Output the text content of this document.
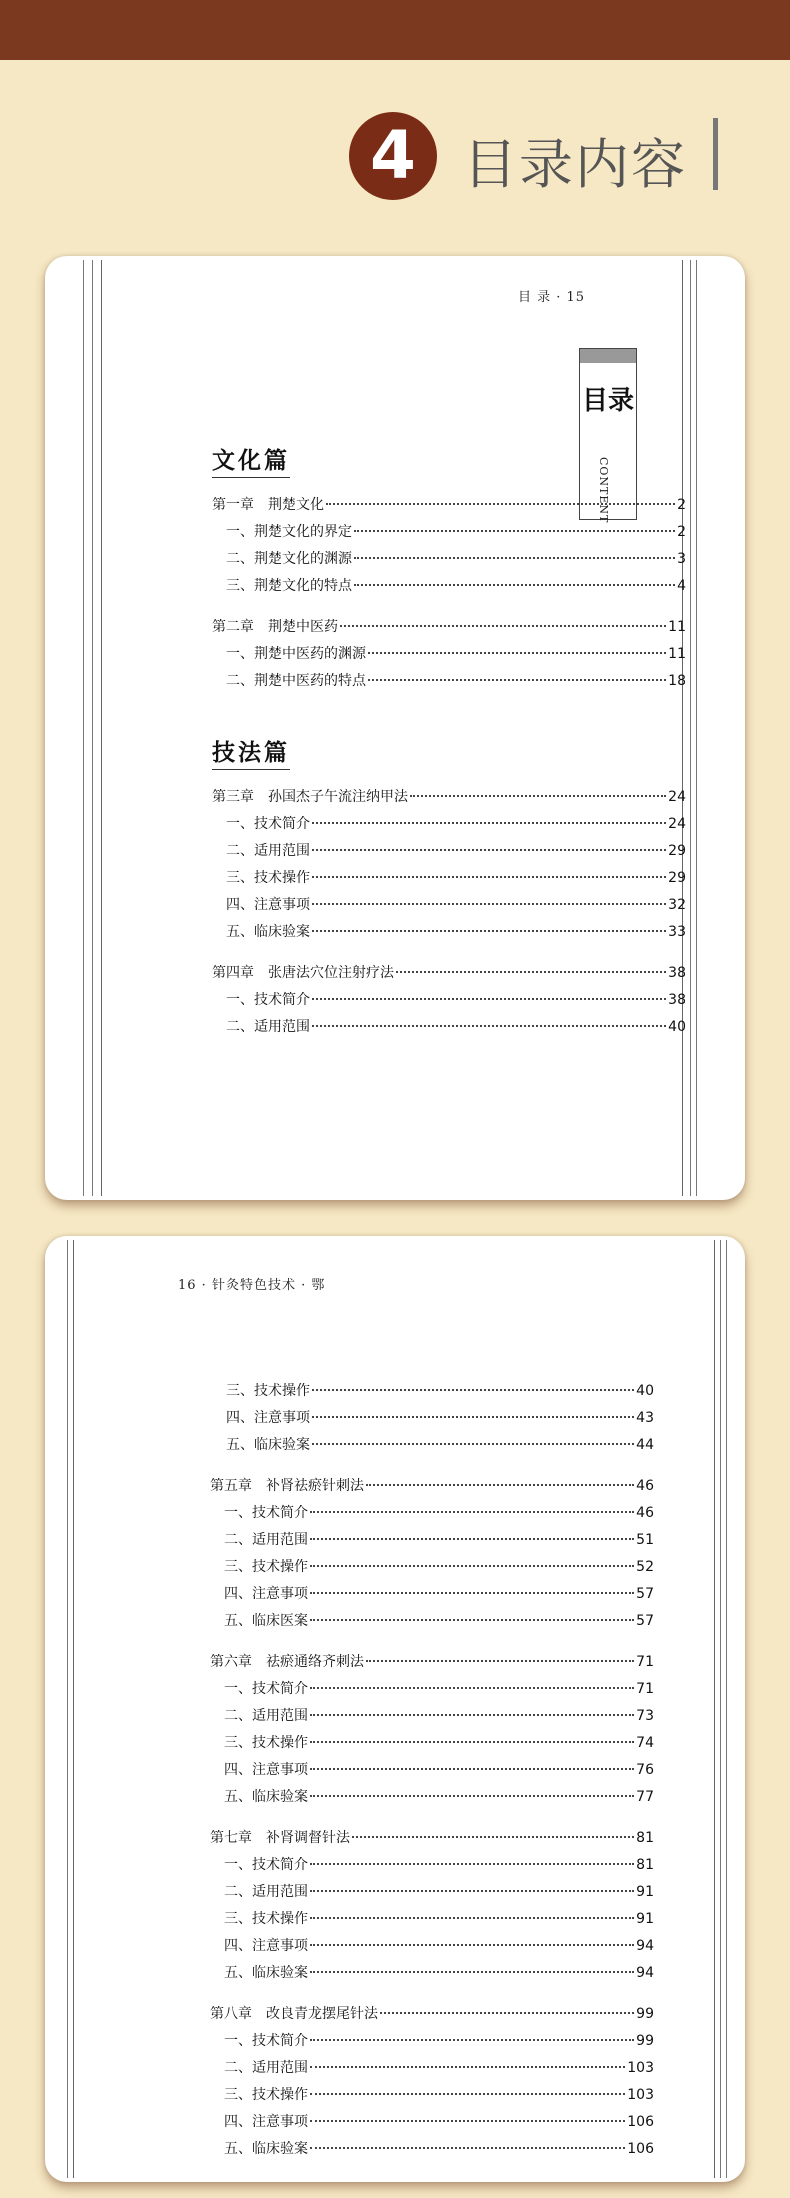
4 目录内容
目 录 · 15
目录
CONTENT
文化篇
第一章　荆楚文化	2
一、荆楚文化的界定	2
二、荆楚文化的渊源	3
三、荆楚文化的特点	4
第二章　荆楚中医药	11
一、荆楚中医药的渊源	11
二、荆楚中医药的特点	18
技法篇
第三章　孙国杰子午流注纳甲法	24
一、技术简介	24
二、适用范围	29
三、技术操作	29
四、注意事项	32
五、临床验案	33
第四章　张唐法穴位注射疗法	38
一、技术简介	38
二、适用范围	40
16 · 针灸特色技术 · 鄂
三、技术操作	40
四、注意事项	43
五、临床验案	44
第五章　补肾祛瘀针刺法	46
一、技术简介	46
二、适用范围	51
三、技术操作	52
四、注意事项	57
五、临床医案	57
第六章　祛瘀通络齐刺法	71
一、技术简介	71
二、适用范围	73
三、技术操作	74
四、注意事项	76
五、临床验案	77
第七章　补肾调督针法	81
一、技术简介	81
二、适用范围	91
三、技术操作	91
四、注意事项	94
五、临床验案	94
第八章　改良青龙摆尾针法	99
一、技术简介	99
二、适用范围	103
三、技术操作	103
四、注意事项	106
五、临床验案	106
